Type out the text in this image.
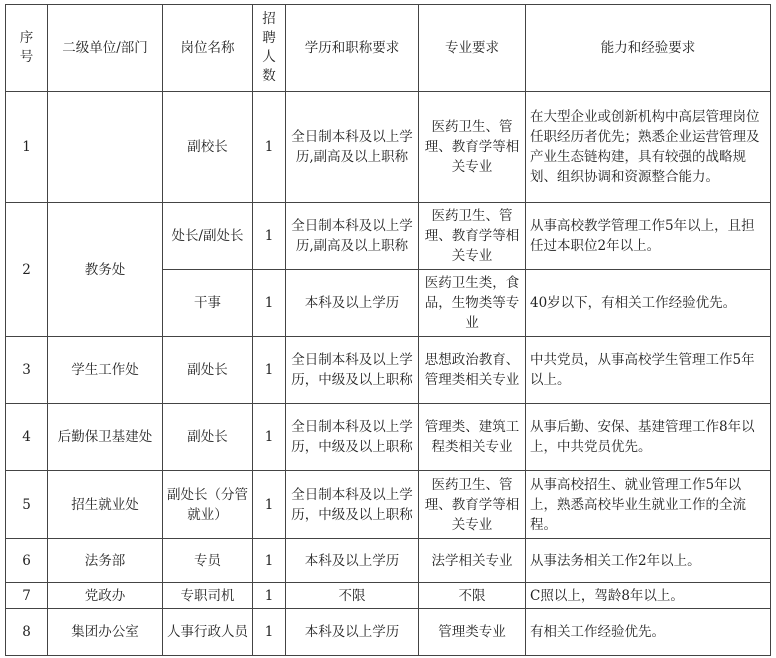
序号	二级单位/部门	岗位名称	招聘人数	学历和职称要求	专业要求	能力和经验要求
1		副校长	1	全日制本科及以上学历,副高及以上职称	医药卫生、管理、教育学等相关专业	在大型企业或创新机构中高层管理岗位任职经历者优先；熟悉企业运营管理及产业生态链构建，具有较强的战略规划、组织协调和资源整合能力。
2	教务处	处长/副处长	1	全日制本科及以上学历,副高及以上职称	医药卫生、管理、教育学等相关专业	从事高校教学管理工作5年以上，且担任过本职位2年以上。
		干事	1	本科及以上学历	医药卫生类，食品，生物类等专业	40岁以下，有相关工作经验优先。
3	学生工作处	副处长	1	全日制本科及以上学历，中级及以上职称	思想政治教育、管理类相关专业	中共党员，从事高校学生管理工作5年以上。
4	后勤保卫基建处	副处长	1	全日制本科及以上学历，中级及以上职称	管理类、建筑工程类相关专业	从事后勤、安保、基建管理工作8年以上，中共党员优先。
5	招生就业处	副处长（分管就业）	1	全日制本科及以上学历，中级及以上职称	医药卫生、管理、教育学等相关专业	从事高校招生、就业管理工作5年以上，熟悉高校毕业生就业工作的全流程。
6	法务部	专员	1	本科及以上学历	法学相关专业	从事法务相关工作2年以上。
7	党政办	专职司机	1	不限	不限	C照以上，驾龄8年以上。
8	集团办公室	人事行政人员	1	本科及以上学历	管理类专业	有相关工作经验优先。
